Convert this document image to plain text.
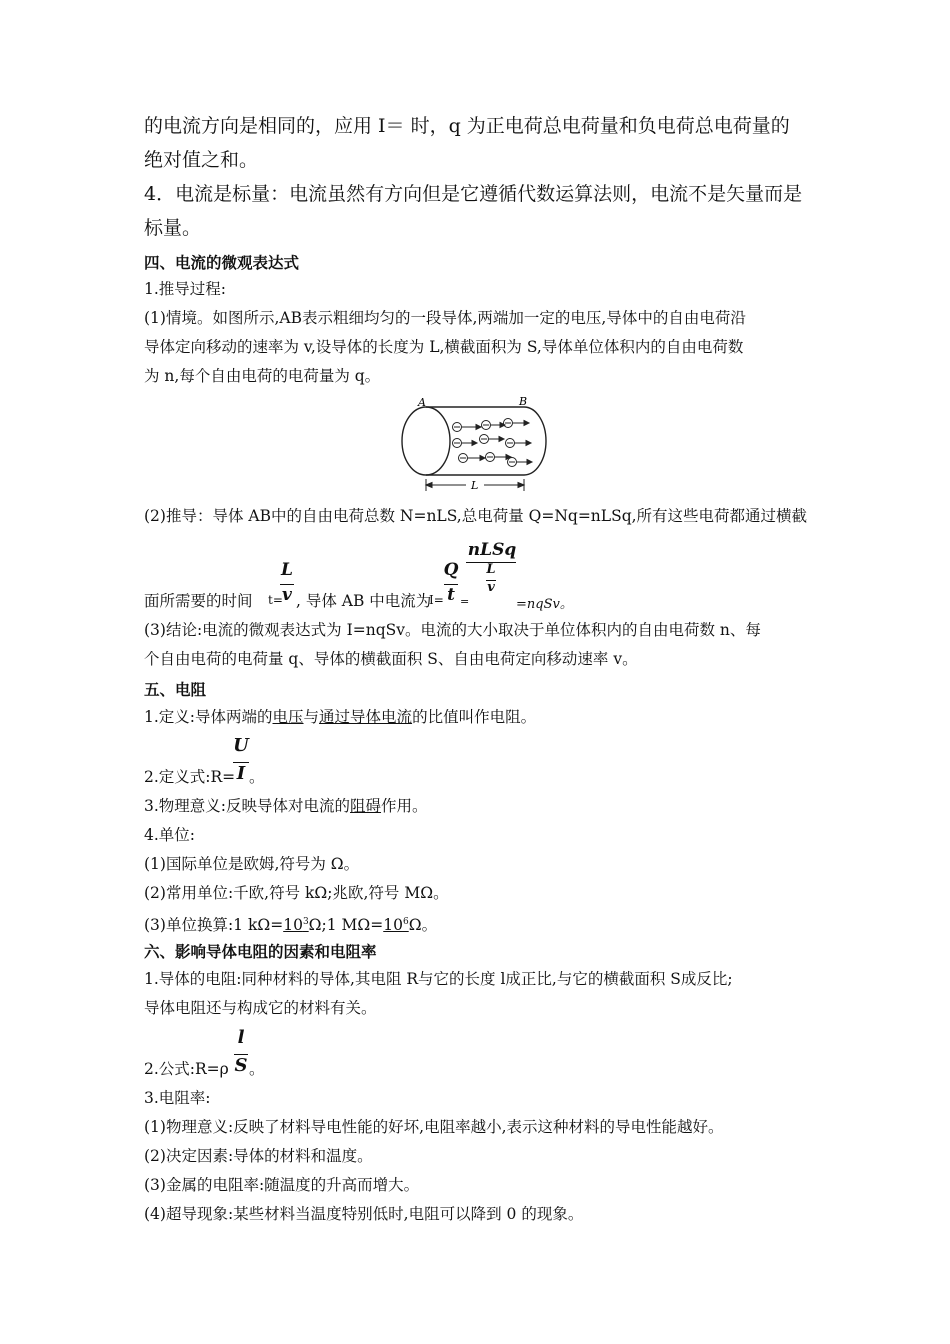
的电流方向是相同的，应用 I＝ 时，q 为正电荷总电荷量和负电荷总电荷量的
绝对值之和。
4．电流是标量：电流虽然有方向但是它遵循代数运算法则，电流不是矢量而是
标量。
四、电流的微观表达式
1.推导过程:
(1)情境。如图所示,AB表示粗细均匀的一段导体,两端加一定的电压,导体中的自由电荷沿
导体定向移动的速率为 v,设导体的长度为 L,横截面积为 S,导体单位体积内的自由电荷数
为 n,每个自由电荷的电荷量为 q。
A	B
L
(2)推导：导体 AB中的自由电荷总数 N=nLS,总电荷量 Q=Nq=nLSq,所有这些电荷都通过横截
面所需要的时间 t=
L
v , 导体 AB 中电流为
I=
Q
t =
nLSq
L
v
=nqSv。
(3)结论:电流的微观表达式为 I=nqSv。电流的大小取决于单位体积内的自由电荷数 n、每
个自由电荷的电荷量 q、导体的横截面积 S、自由电荷定向移动速率 v。
五、电阻
1.定义:导体两端的电压与通过导体电流的比值叫作电阻。
2.定义式:R=
U
I 。
3.物理意义:反映导体对电流的阻碍作用。
4.单位:
(1)国际单位是欧姆,符号为 Ω。
(2)常用单位:千欧,符号 kΩ;兆欧,符号 MΩ。
(3)单位换算:1 $k\Omega=10^3\Omega;1$ $M\Omega=10^6\Omega$。
六、影响导体电阻的因素和电阻率
1.导体的电阻:同种材料的导体,其电阻 R与它的长度 l成正比,与它的横截面积 S成反比;
导体电阻还与构成它的材料有关。
2.公式:R=ρ
l
S 。
3.电阻率:
(1)物理意义:反映了材料导电性能的好坏,电阻率越小,表示这种材料的导电性能越好。
(2)决定因素:导体的材料和温度。
(3)金属的电阻率:随温度的升高而增大。
(4)超导现象:某些材料当温度特别低时,电阻可以降到 0 的现象。
